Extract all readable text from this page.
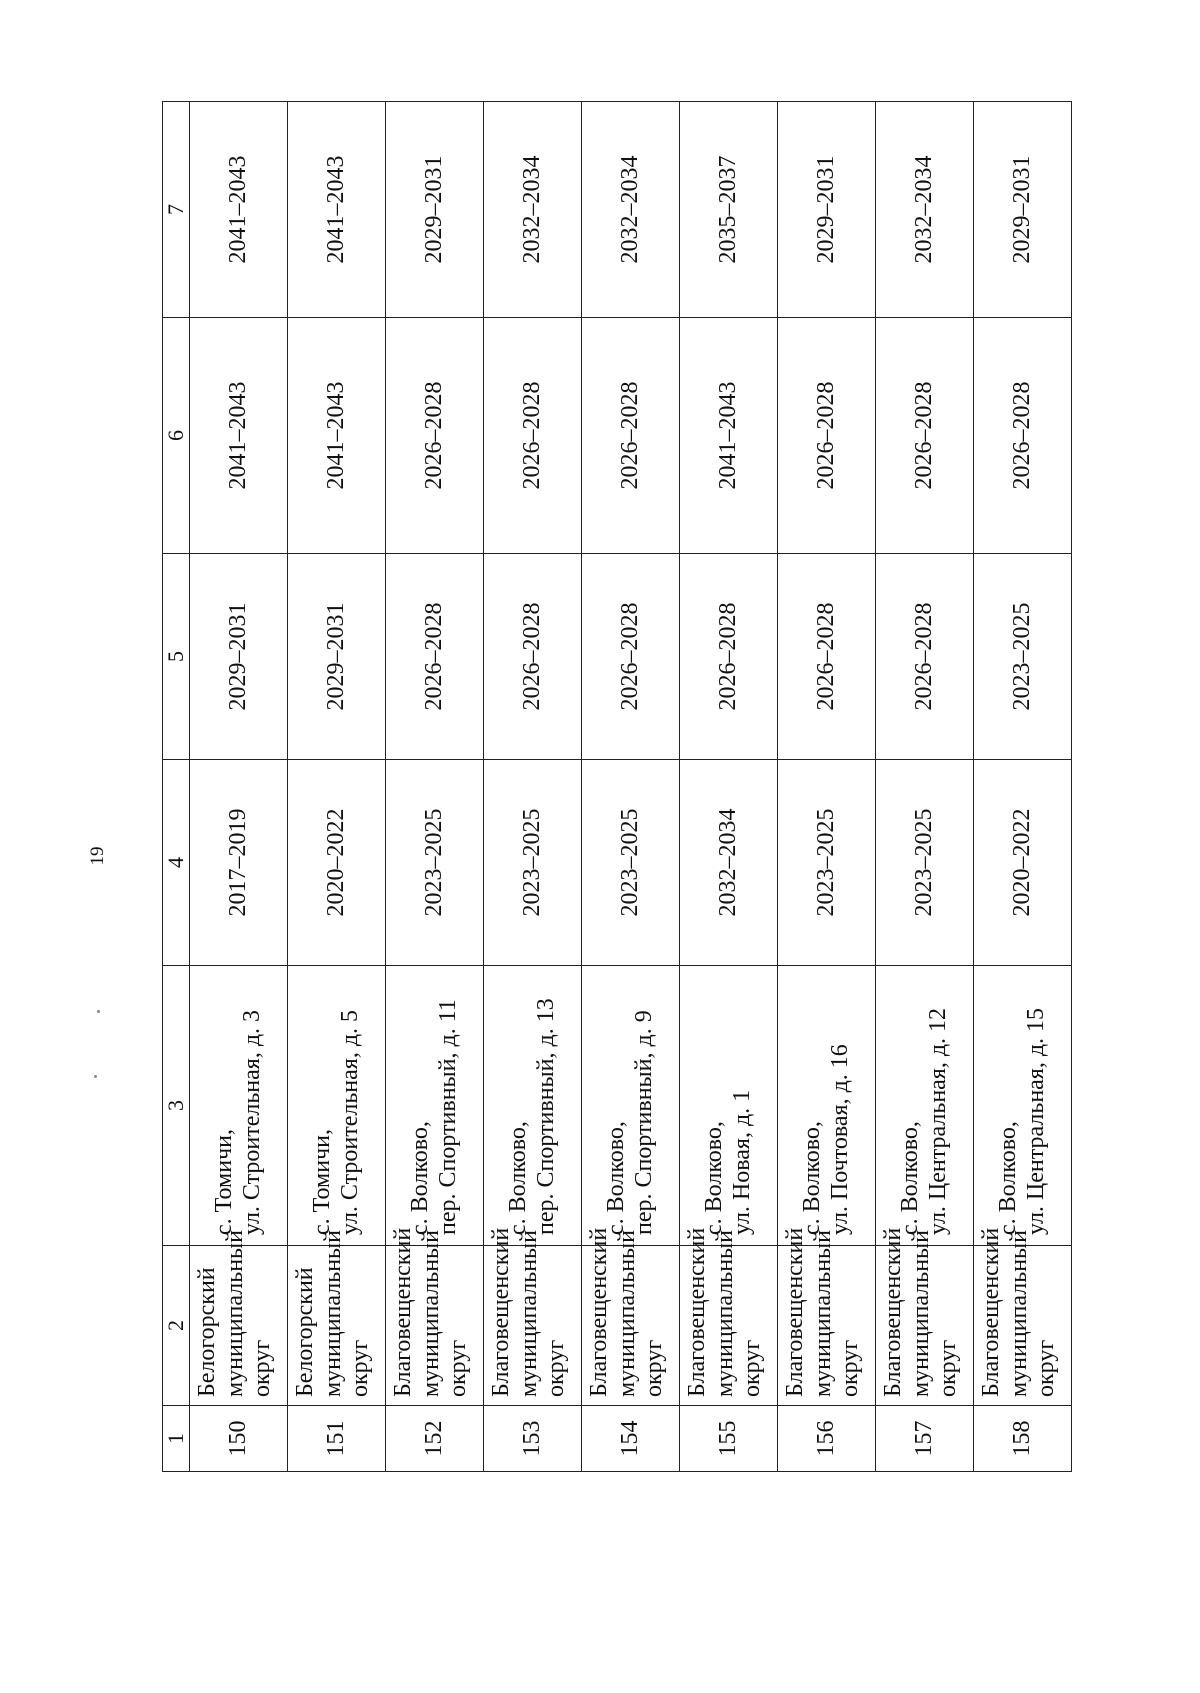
19
1	2	3	4	5	6	7
150	Белогорский муниципальный округ	с. Томичи, ул. Строительная, д. 3	2017–2019	2029–2031	2041–2043	2041–2043
151	Белогорский муниципальный округ	с. Томичи, ул. Строительная, д. 5	2020–2022	2029–2031	2041–2043	2041–2043
152	Благовещенский муниципальный округ	с. Волково, пер. Спортивный, д. 11	2023–2025	2026–2028	2026–2028	2029–2031
153	Благовещенский муниципальный округ	с. Волково, пер. Спортивный, д. 13	2023–2025	2026–2028	2026–2028	2032–2034
154	Благовещенский муниципальный округ	с. Волково, пер. Спортивный, д. 9	2023–2025	2026–2028	2026–2028	2032–2034
155	Благовещенский муниципальный округ	с. Волково, ул. Новая, д. 1	2032–2034	2026–2028	2041–2043	2035–2037
156	Благовещенский муниципальный округ	с. Волково, ул. Почтовая, д. 16	2023–2025	2026–2028	2026–2028	2029–2031
157	Благовещенский муниципальный округ	с. Волково, ул. Центральная, д. 12	2023–2025	2026–2028	2026–2028	2032–2034
158	Благовещенский муниципальный округ	с. Волково, ул. Центральная, д. 15	2020–2022	2023–2025	2026–2028	2029–2031
